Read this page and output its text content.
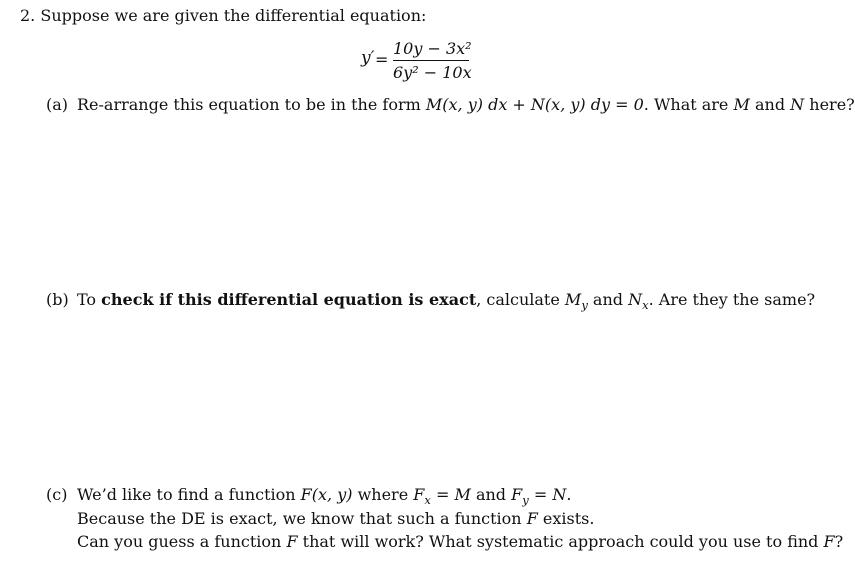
2. Suppose we are given the differential equation:
y′ =
10y − 3x²
6y² − 10x
(a) Re-arrange this equation to be in the form M(x, y) dx + N(x, y) dy = 0. What are M and N here?
(b) To check if this differential equation is exact, calculate $M_y$ and $N_x$. Are they the same?
(c) We’d like to find a function F(x, y) where $F_x = M$ and $F_y = N$.
Because the DE is exact, we know that such a function F exists.
Can you guess a function F that will work? What systematic approach could you use to find F?
